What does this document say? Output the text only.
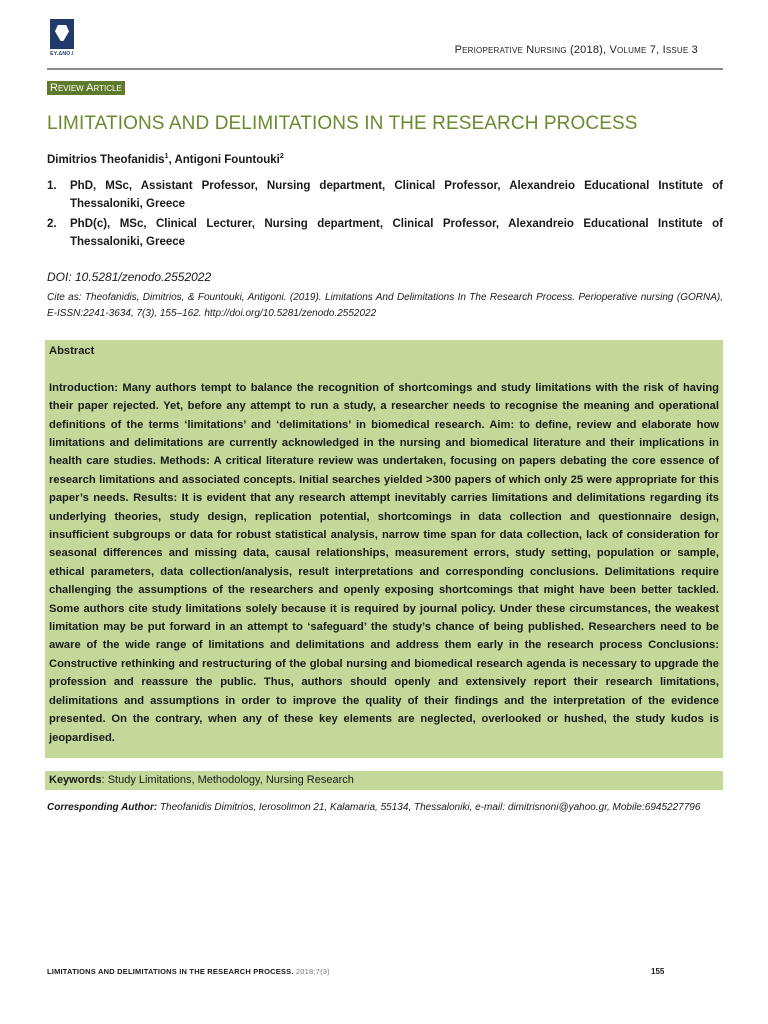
ΕΥ.ΔΝΟ.Ι	Perioperative Nursing (2018), Volume 7, Issue 3
Review Article
LIMITATIONS AND DELIMITATIONS IN THE RESEARCH PROCESS
Dimitrios Theofanidis$^1$, Antigoni Fountouki$^2$
1. PhD, MSc, Assistant Professor, Nursing department, Clinical Professor, Alexandreio Educational Institute of Thessaloniki, Greece
2. PhD(c), MSc, Clinical Lecturer, Nursing department, Clinical Professor, Alexandreio Educational Institute of Thessaloniki, Greece
DOI: 10.5281/zenodo.2552022
Cite as: Theofanidis, Dimitrios, & Fountouki, Antigoni. (2019). Limitations And Delimitations In The Research Process. Perioperative nursing (GORNA), E-ISSN:2241-3634, 7(3), 155–162. http://doi.org/10.5281/zenodo.2552022
Abstract
Introduction: Many authors tempt to balance the recognition of shortcomings and study limitations with the risk of having their paper rejected. Yet, before any attempt to run a study, a researcher needs to recognise the meaning and operational definitions of the terms ‘limitations’ and ‘delimitations’ in biomedical research. Aim: to define, review and elaborate how limitations and delimitations are currently acknowledged in the nursing and biomedical literature and their implications in health care studies. Methods: A critical literature review was undertaken, focusing on papers debating the core essence of research limitations and associated concepts. Initial searches yielded >300 papers of which only 25 were appropriate for this paper’s needs. Results: It is evident that any research attempt inevitably carries limitations and delimitations regarding its underlying theories, study design, replication potential, shortcomings in data collection and questionnaire design, insufficient subgroups or data for robust statistical analysis, narrow time span for data collection, lack of consideration for seasonal differences and missing data, causal relationships, measurement errors, study setting, population or sample, ethical parameters, data collection/analysis, result interpretations and corresponding conclusions. Delimitations require challenging the assumptions of the researchers and openly exposing shortcomings that might have been better tackled. Some authors cite study limitations solely because it is required by journal policy. Under these circumstances, the weakest limitation may be put forward in an attempt to ‘safeguard’ the study’s chance of being published. Researchers need to be aware of the wide range of limitations and delimitations and address them early in the research process Conclusions: Constructive rethinking and restructuring of the global nursing and biomedical research agenda is necessary to upgrade the profession and reassure the public. Thus, authors should openly and extensively report their research limitations, delimitations and assumptions in order to improve the quality of their findings and the interpretation of the evidence presented. On the contrary, when any of these key elements are neglected, overlooked or hushed, the study kudos is jeopardised.
Keywords: Study Limitations, Methodology, Nursing Research
Corresponding Author: Theofanidis Dimitrios, Ierosolimon 21, Kalamaria, 55134, Thessaloniki, e-mail: dimitrisnoni@yahoo.gr, Mobile:6945227796
LIMITATIONS AND DELIMITATIONS IN THE RESEARCH PROCESS. 2018;7(3)	155
